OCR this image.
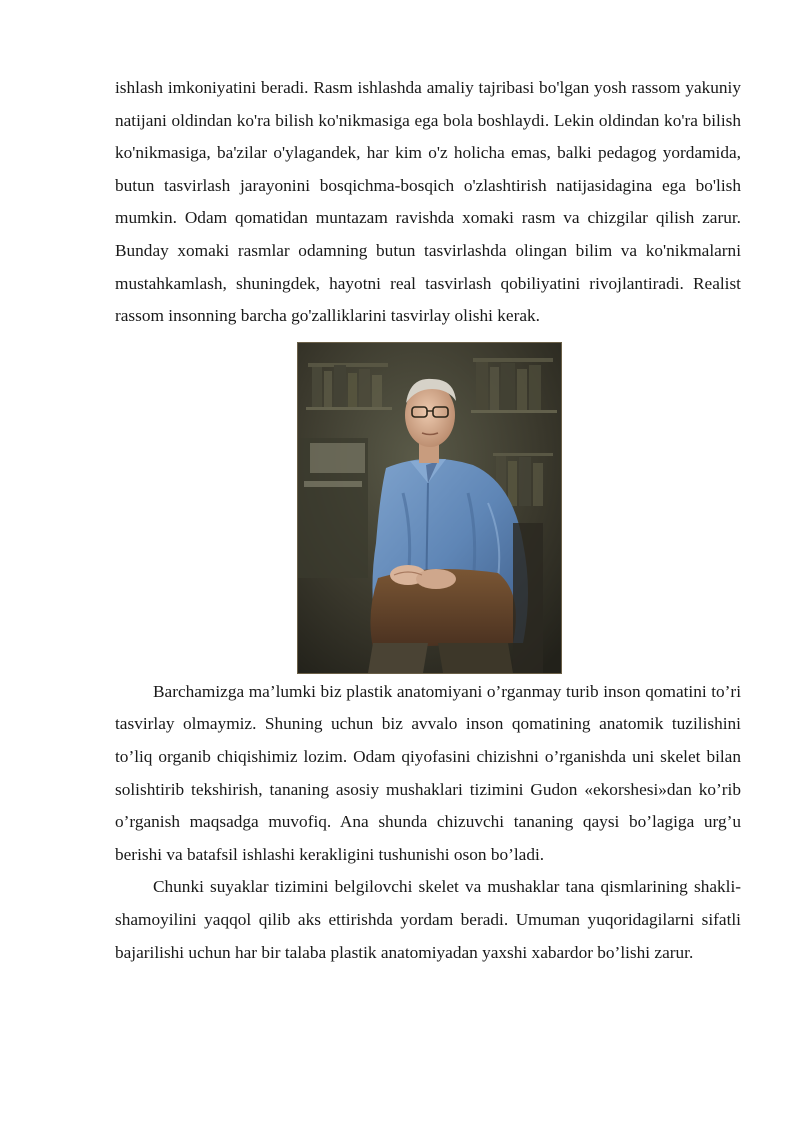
ishlash imkoniyatini beradi. Rasm ishlashda amaliy tajribasi bo'lgan yosh rassom yakuniy natijani oldindan ko'ra bilish ko'nikmasiga ega bola boshlaydi. Lekin oldindan ko'ra bilish ko'nikmasiga, ba'zilar o'ylagandek, har kim o'z holicha emas, balki pedagog yordamida, butun tasvirlash jarayonini bosqichma-bosqich o'zlashtirish natijasidagina ega bo'lish mumkin. Odam qomatidan muntazam ravishda xomaki rasm va chizgilar qilish zarur. Bunday xomaki rasmlar odamning butun tasvirlashda olingan bilim va ko'nikmalarni mustahkamlash, shuningdek, hayotni real tasvirlash qobiliyatini rivojlantiradi. Realist rassom insonning barcha go'zalliklarini tasvirlay olishi kerak.

Barchamizga ma’lumki biz plastik anatomiyani o’rganmay turib inson qomatini to’ri tasvirlay olmaymiz. Shuning uchun biz avvalo inson qomatining anatomik tuzilishini to’liq organib chiqishimiz lozim. Odam qiyofasini chizishni o’rganishda uni skelet bilan solishtirib tekshirish, tananing asosiy mushaklari tizimini Gudon «ekorshesi»dan ko’rib o’rganish maqsadga muvofiq. Ana shunda chizuvchi tananing qaysi bo’lagiga urg’u berishi va batafsil ishlashi kerakligini tushunishi oson bo’ladi.

Chunki suyaklar tizimini belgilovchi skelet va mushaklar tana qismlarining shakli-shamoyilini yaqqol qilib aks ettirishda yordam beradi. Umuman yuqoridagilarni sifatli bajarilishi uchun har bir talaba plastik anatomiyadan yaxshi xabardor bo’lishi zarur.
